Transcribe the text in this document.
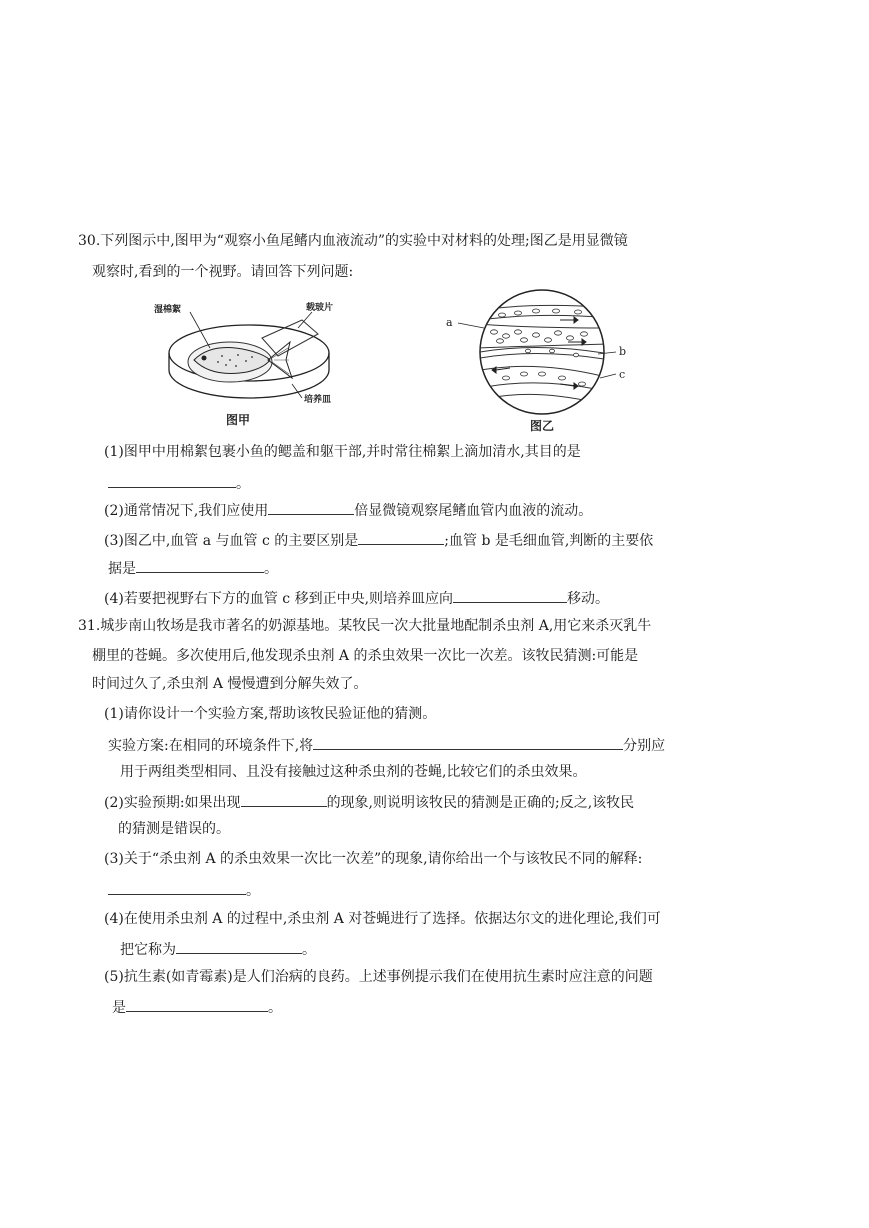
30.下列图示中,图甲为“观察小鱼尾鳍内血液流动”的实验中对材料的处理;图乙是用显微镜
观察时,看到的一个视野。请回答下列问题:
湿棉絮	载玻片
培养皿
图甲
a
b
c
图乙
(1)图甲中用棉絮包裹小鱼的鳃盖和躯干部,并时常往棉絮上滴加清水,其目的是
。
(2)通常情况下,我们应使用	倍显微镜观察尾鳍血管内血液的流动。
(3)图乙中,血管 a 与血管 c 的主要区别是	;血管 b 是毛细血管,判断的主要依
据是	。
(4)若要把视野右下方的血管 c 移到正中央,则培养皿应向	移动。
31.城步南山牧场是我市著名的奶源基地。某牧民一次大批量地配制杀虫剂 A,用它来杀灭乳牛
棚里的苍蝇。多次使用后,他发现杀虫剂 A 的杀虫效果一次比一次差。该牧民猜测:可能是
时间过久了,杀虫剂 A 慢慢遭到分解失效了。
(1)请你设计一个实验方案,帮助该牧民验证他的猜测。
实验方案:在相同的环境条件下,将	分别应
用于两组类型相同、且没有接触过这种杀虫剂的苍蝇,比较它们的杀虫效果。
(2)实验预期:如果出现	的现象,则说明该牧民的猜测是正确的;反之,该牧民
的猜测是错误的。
(3)关于“杀虫剂 A 的杀虫效果一次比一次差”的现象,请你给出一个与该牧民不同的解释:
。
(4)在使用杀虫剂 A 的过程中,杀虫剂 A 对苍蝇进行了选择。依据达尔文的进化理论,我们可
把它称为	。
(5)抗生素(如青霉素)是人们治病的良药。上述事例提示我们在使用抗生素时应注意的问题
是	。
